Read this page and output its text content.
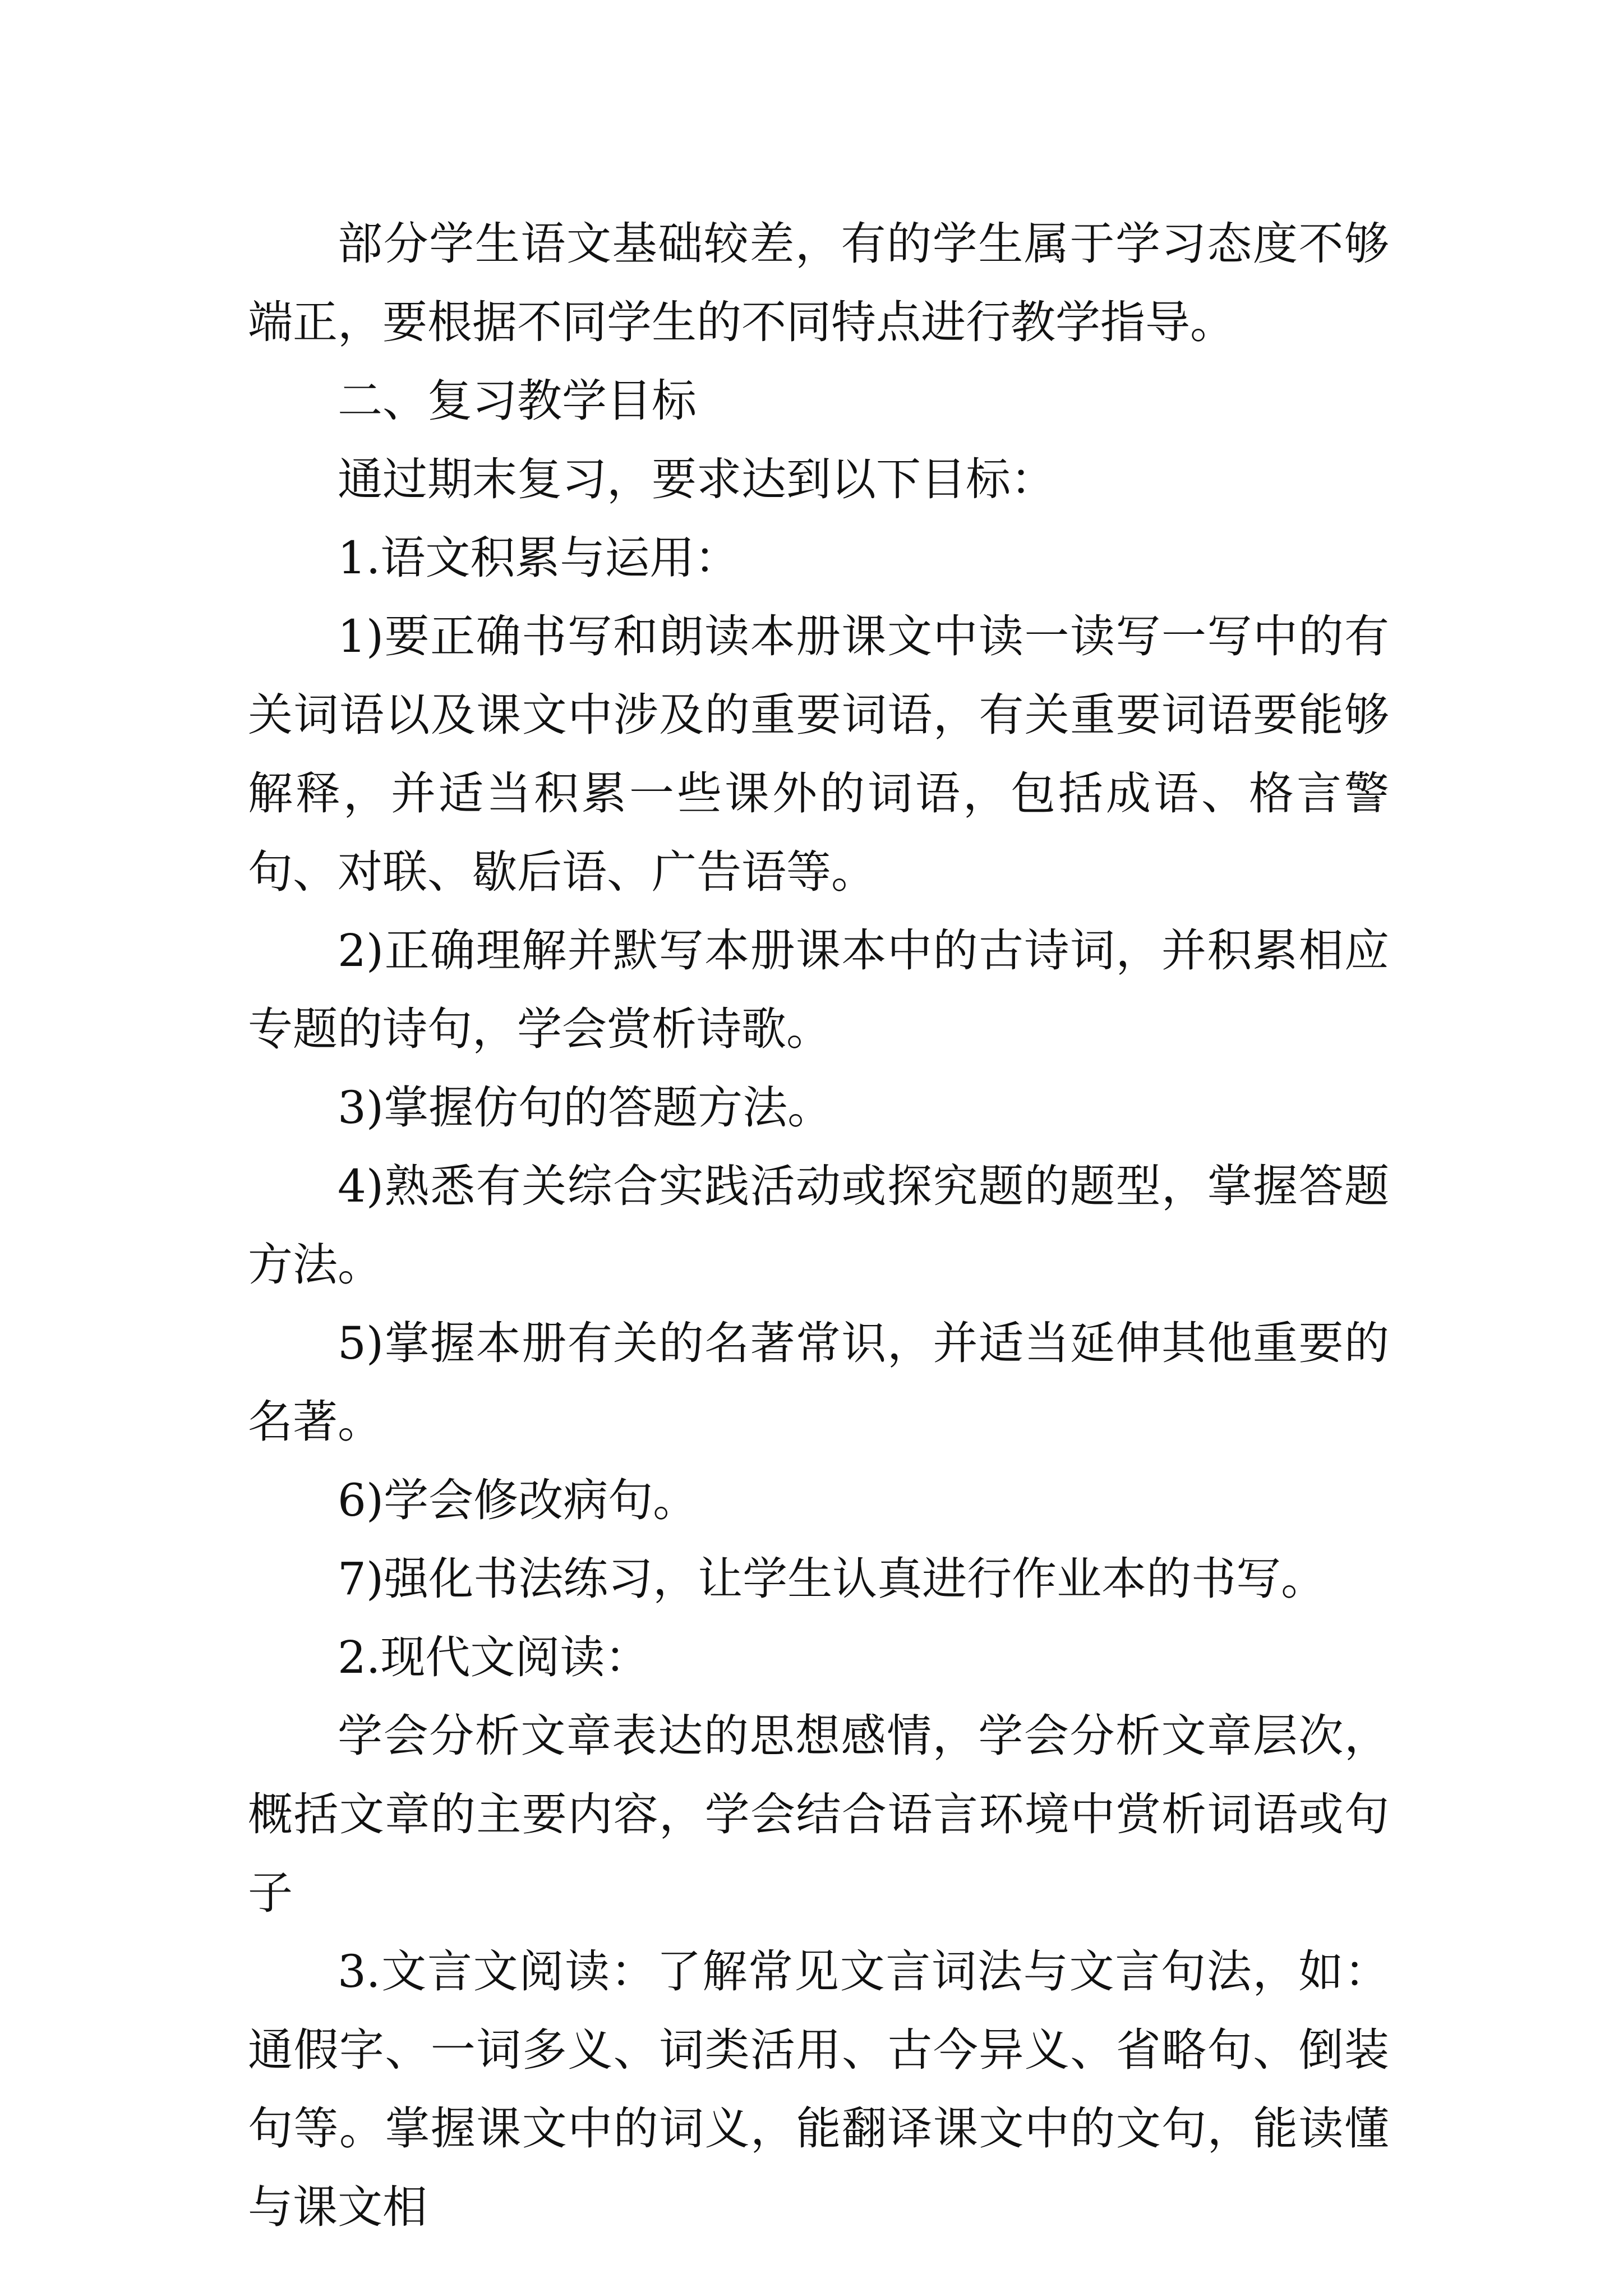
部分学生语文基础较差，有的学生属于学习态度不够端正，要根据不同学生的不同特点进行教学指导。

二、复习教学目标

通过期末复习，要求达到以下目标：

1.语文积累与运用：

1)要正确书写和朗读本册课文中读一读写一写中的有关词语以及课文中涉及的重要词语，有关重要词语要能够解释，并适当积累一些课外的词语，包括成语、格言警句、对联、歇后语、广告语等。

2)正确理解并默写本册课本中的古诗词，并积累相应专题的诗句，学会赏析诗歌。

3)掌握仿句的答题方法。

4)熟悉有关综合实践活动或探究题的题型，掌握答题方法。

5)掌握本册有关的名著常识，并适当延伸其他重要的名著。

6)学会修改病句。

7)强化书法练习，让学生认真进行作业本的书写。

2.现代文阅读：

学会分析文章表达的思想感情，学会分析文章层次，概括文章的主要内容，学会结合语言环境中赏析词语或句子

3.文言文阅读：了解常见文言词法与文言句法，如：通假字、一词多义、词类活用、古今异义、省略句、倒装句等。掌握课文中的词义，能翻译课文中的文句，能读懂与课文相
